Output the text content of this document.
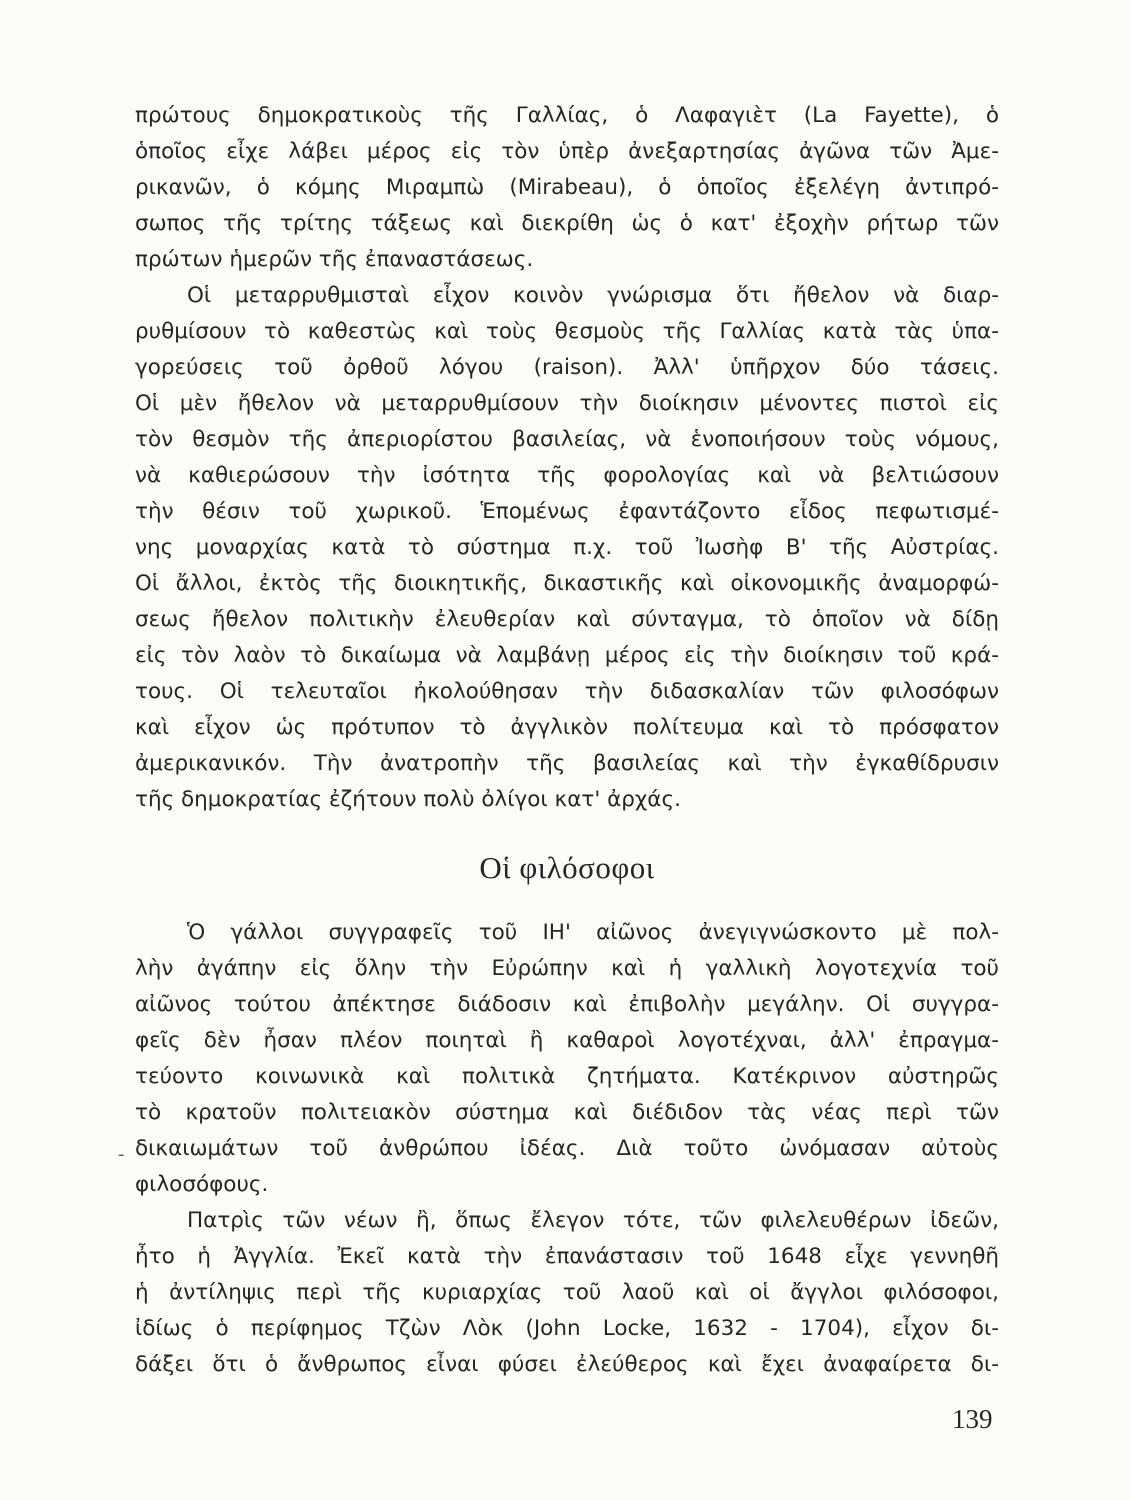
πρώτους δημοκρατικοὺς τῆς Γαλλίας, ὁ Λαφαγιὲτ (La Fayette), ὁ
ὁποῖος εἶχε λάβει μέρος εἰς τὸν ὑπὲρ ἀνεξαρτησίας ἀγῶνα τῶν Ἀμε-
ρικανῶν, ὁ κόμης Μιραμπὼ (Mirabeau), ὁ ὁποῖος ἐξελέγη ἀντιπρό-
σωπος τῆς τρίτης τάξεως καὶ διεκρίθη ὡς ὁ κατ' ἐξοχὴν ρήτωρ τῶν
πρώτων ἡμερῶν τῆς ἐπαναστάσεως.
Οἱ μεταρρυθμισταὶ εἶχον κοινὸν γνώρισμα ὅτι ἤθελον νὰ διαρ-
ρυθμίσουν τὸ καθεστὼς καὶ τοὺς θεσμοὺς τῆς Γαλλίας κατὰ τὰς ὑπα-
γορεύσεις τοῦ ὀρθοῦ λόγου (raison). Ἀλλ' ὑπῆρχον δύο τάσεις.
Οἱ μὲν ἤθελον νὰ μεταρρυθμίσουν τὴν διοίκησιν μένοντες πιστοὶ εἰς
τὸν θεσμὸν τῆς ἀπεριορίστου βασιλείας, νὰ ἑνοποιήσουν τοὺς νόμους,
νὰ καθιερώσουν τὴν ἰσότητα τῆς φορολογίας καὶ νὰ βελτιώσουν
τὴν θέσιν τοῦ χωρικοῦ. Ἑπομένως ἐφαντάζοντο εἶδος πεφωτισμέ-
νης μοναρχίας κατὰ τὸ σύστημα π.χ. τοῦ Ἰωσὴφ Β' τῆς Αὐστρίας.
Οἱ ἄλλοι, ἐκτὸς τῆς διοικητικῆς, δικαστικῆς καὶ οἰκονομικῆς ἀναμορφώ-
σεως ἤθελον πολιτικὴν ἐλευθερίαν καὶ σύνταγμα, τὸ ὁποῖον νὰ δίδῃ
εἰς τὸν λαὸν τὸ δικαίωμα νὰ λαμβάνῃ μέρος εἰς τὴν διοίκησιν τοῦ κρά-
τους. Οἱ τελευταῖοι ἠκολούθησαν τὴν διδασκαλίαν τῶν φιλοσόφων
καὶ εἶχον ὡς πρότυπον τὸ ἀγγλικὸν πολίτευμα καὶ τὸ πρόσφατον
ἀμερικανικόν. Τὴν ἀνατροπὴν τῆς βασιλείας καὶ τὴν ἐγκαθίδρυσιν
τῆς δημοκρατίας ἐζήτουν πολὺ ὀλίγοι κατ' ἀρχάς.
Οἱ φιλόσοφοι
Ὁ γάλλοι συγγραφεῖς τοῦ ΙΗ' αἰῶνος ἀνεγιγνώσκοντο μὲ πολ-
λὴν ἀγάπην εἰς ὅλην τὴν Εὐρώπην καὶ ἡ γαλλικὴ λογοτεχνία τοῦ
αἰῶνος τούτου ἀπέκτησε διάδοσιν καὶ ἐπιβολὴν μεγάλην. Οἱ συγγρα-
φεῖς δὲν ἦσαν πλέον ποιηταὶ ἢ καθαροὶ λογοτέχναι, ἀλλ' ἐπραγμα-
τεύοντο κοινωνικὰ καὶ πολιτικὰ ζητήματα. Κατέκρινον αὐστηρῶς
τὸ κρατοῦν πολιτειακὸν σύστημα καὶ διέδιδον τὰς νέας περὶ τῶν
δικαιωμάτων τοῦ ἀνθρώπου ἰδέας. Διὰ τοῦτο ὠνόμασαν αὐτοὺς
φιλοσόφους.
Πατρὶς τῶν νέων ἢ, ὅπως ἔλεγον τότε, τῶν φιλελευθέρων ἰδεῶν,
ἦτο ἡ Ἀγγλία. Ἐκεῖ κατὰ τὴν ἐπανάστασιν τοῦ 1648 εἶχε γεννηθῆ
ἡ ἀντίληψις περὶ τῆς κυριαρχίας τοῦ λαοῦ καὶ οἱ ἄγγλοι φιλόσοφοι,
ἰδίως ὁ περίφημος Τζὼν Λὸκ (John Locke, 1632 - 1704), εἶχον δι-
δάξει ὅτι ὁ ἄνθρωπος εἶναι φύσει ἐλεύθερος καὶ ἔχει ἀναφαίρετα δι-
-
139
